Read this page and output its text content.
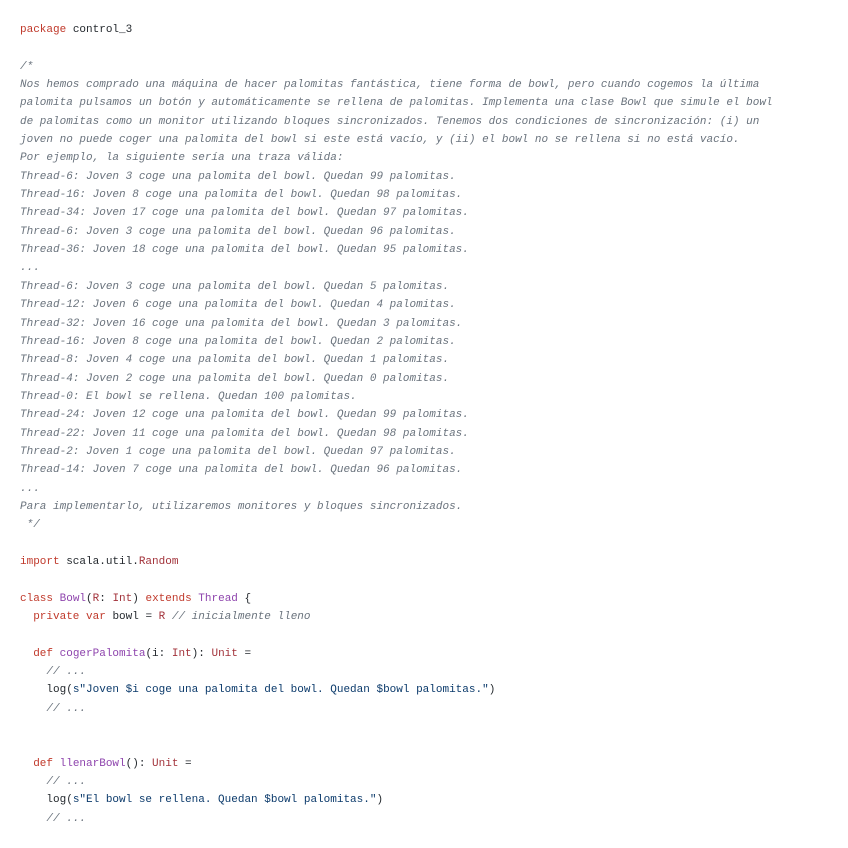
package control_3

/*
Nos hemos comprado una máquina de hacer palomitas fantástica, tiene forma de bowl, pero cuando cogemos la última
palomita pulsamos un botón y automáticamente se rellena de palomitas. Implementa una clase Bowl que simule el bowl
de palomitas como un monitor utilizando bloques sincronizados. Tenemos dos condiciones de sincronización: (i) un
joven no puede coger una palomita del bowl si este está vacío, y (ii) el bowl no se rellena si no está vacío.
Por ejemplo, la siguiente sería una traza válida:
Thread-6: Joven 3 coge una palomita del bowl. Quedan 99 palomitas.
Thread-16: Joven 8 coge una palomita del bowl. Quedan 98 palomitas.
Thread-34: Joven 17 coge una palomita del bowl. Quedan 97 palomitas.
Thread-6: Joven 3 coge una palomita del bowl. Quedan 96 palomitas.
Thread-36: Joven 18 coge una palomita del bowl. Quedan 95 palomitas.
...
Thread-6: Joven 3 coge una palomita del bowl. Quedan 5 palomitas.
Thread-12: Joven 6 coge una palomita del bowl. Quedan 4 palomitas.
Thread-32: Joven 16 coge una palomita del bowl. Quedan 3 palomitas.
Thread-16: Joven 8 coge una palomita del bowl. Quedan 2 palomitas.
Thread-8: Joven 4 coge una palomita del bowl. Quedan 1 palomitas.
Thread-4: Joven 2 coge una palomita del bowl. Quedan 0 palomitas.
Thread-0: El bowl se rellena. Quedan 100 palomitas.
Thread-24: Joven 12 coge una palomita del bowl. Quedan 99 palomitas.
Thread-22: Joven 11 coge una palomita del bowl. Quedan 98 palomitas.
Thread-2: Joven 1 coge una palomita del bowl. Quedan 97 palomitas.
Thread-14: Joven 7 coge una palomita del bowl. Quedan 96 palomitas.
...
Para implementarlo, utilizaremos monitores y bloques sincronizados.
*/

import scala.util.Random

class Bowl(R: Int) extends Thread {
private var bowl = R // inicialmente lleno

def cogerPalomita(i: Int): Unit =
// ...
log(s"Joven $i coge una palomita del bowl. Quedan $bowl palomitas.")
// ...

def llenarBowl(): Unit =
// ...
log(s"El bowl se rellena. Quedan $bowl palomitas.")
// ...
